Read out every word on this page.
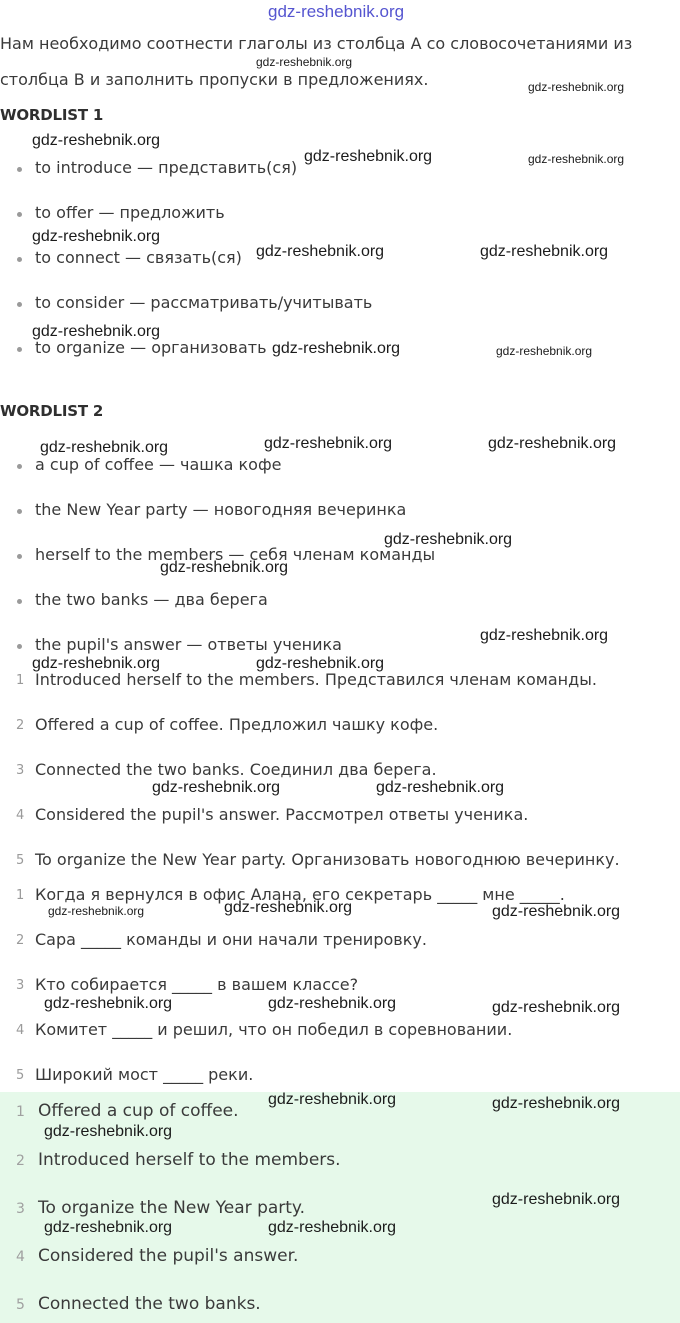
gdz-reshebnik.org
Нам необходимо соотнести глаголы из столбца А со словосочетаниями из
gdz-reshebnik.org
столбца В и заполнить пропуски в предложениях.	gdz-reshebnik.org
WORDLIST 1
gdz-reshebnik.org
gdz-reshebnik.org	gdz-reshebnik.org
to introduce — представить(ся)
to offer — предложить
gdz-reshebnik.org
to connect — связать(ся) gdz-reshebnik.org	gdz-reshebnik.org
to consider — рассматривать/учитывать
gdz-reshebnik.org
to organize — организовать gdz-reshebnik.org	gdz-reshebnik.org
WORDLIST 2
gdz-reshebnik.org	gdz-reshebnik.org	gdz-reshebnik.org
a cup of coffee — чашка кофе
the New Year party — новогодняя вечеринка
gdz-reshebnik.org
herself to the members — себя членам команды
gdz-reshebnik.org
the two banks — два берега
gdz-reshebnik.org
the pupil's answer — ответы ученика
gdz-reshebnik.org	gdz-reshebnik.org
1 Introduced herself to the members. Представился членам команды.
2 Offered a cup of coffee. Предложил чашку кофе.
3 Connected the two banks. Соединил два берега.
gdz-reshebnik.org	gdz-reshebnik.org
4 Considered the pupil's answer. Рассмотрел ответы ученика.
5 To organize the New Year party. Организовать новогоднюю вечеринку.
1 Когда я вернулся в офис Алана, его секретарь _____ мне _____.
gdz-reshebnik.org	gdz-reshebnik.org	gdz-reshebnik.org
2 Сара _____ команды и они начали тренировку.
3 Кто собирается _____ в вашем классе?
gdz-reshebnik.org	gdz-reshebnik.org	gdz-reshebnik.org
4 Комитет _____ и решил, что он победил в соревновании.
5 Широкий мост _____ реки.
gdz-reshebnik.org	gdz-reshebnik.org
1 Offered a cup of coffee.
gdz-reshebnik.org
2 Introduced herself to the members.
gdz-reshebnik.org
3 To organize the New Year party.
gdz-reshebnik.org	gdz-reshebnik.org
4 Considered the pupil's answer.
5 Connected the two banks.
